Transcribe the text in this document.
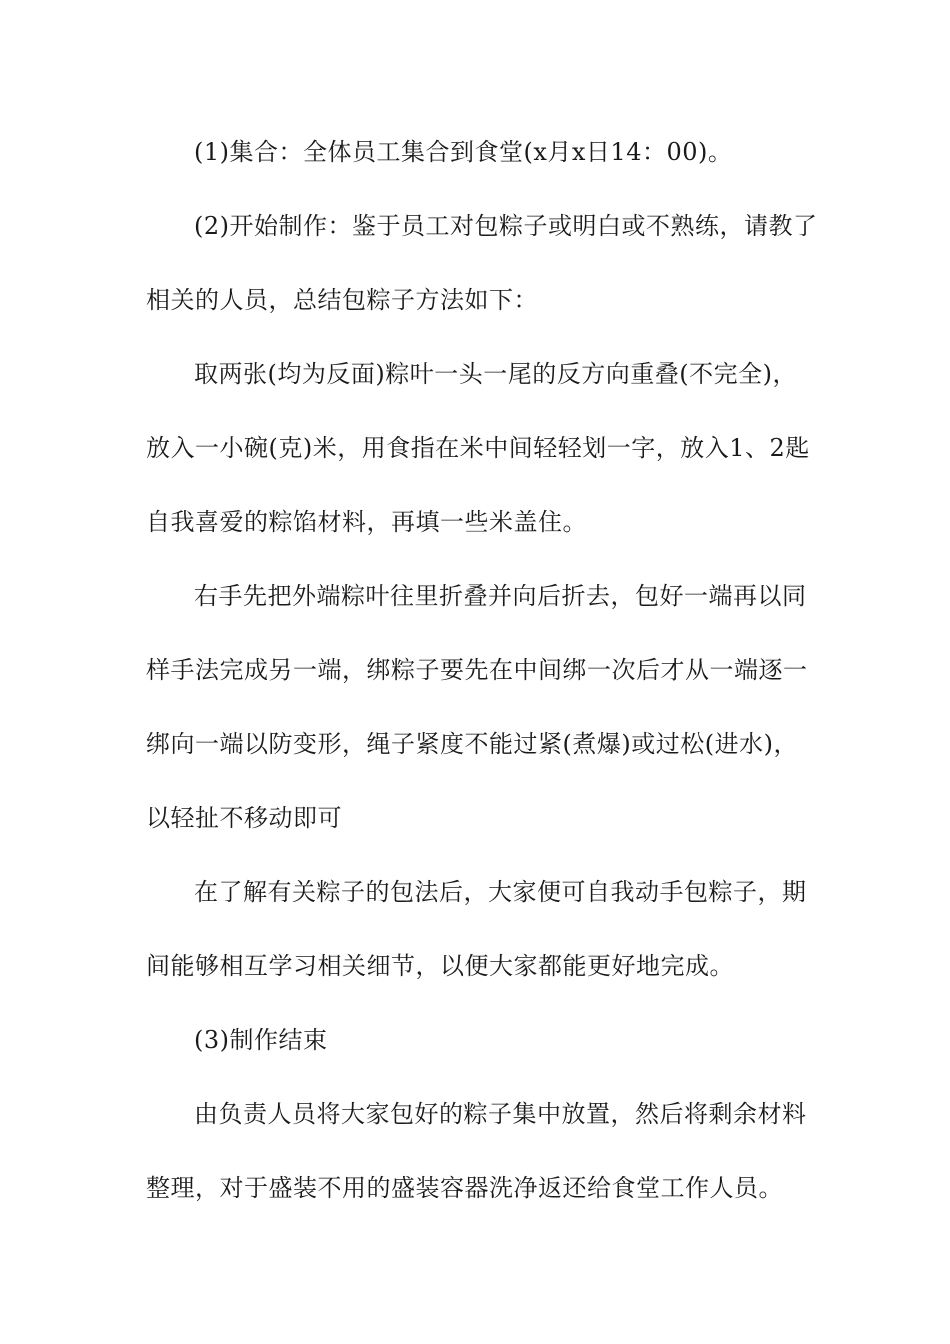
(1)集合：全体员工集合到食堂(x月x日14：00)。
(2)开始制作：鉴于员工对包粽子或明白或不熟练，请教了
相关的人员，总结包粽子方法如下：
取两张(均为反面)粽叶一头一尾的反方向重叠(不完全)，
放入一小碗(克)米，用食指在米中间轻轻划一字，放入1、2匙
自我喜爱的粽馅材料，再填一些米盖住。
右手先把外端粽叶往里折叠并向后折去，包好一端再以同
样手法完成另一端，绑粽子要先在中间绑一次后才从一端逐一
绑向一端以防变形，绳子紧度不能过紧(煮爆)或过松(进水)，
以轻扯不移动即可
在了解有关粽子的包法后，大家便可自我动手包粽子，期
间能够相互学习相关细节，以便大家都能更好地完成。
(3)制作结束
由负责人员将大家包好的粽子集中放置，然后将剩余材料
整理，对于盛装不用的盛装容器洗净返还给食堂工作人员。
